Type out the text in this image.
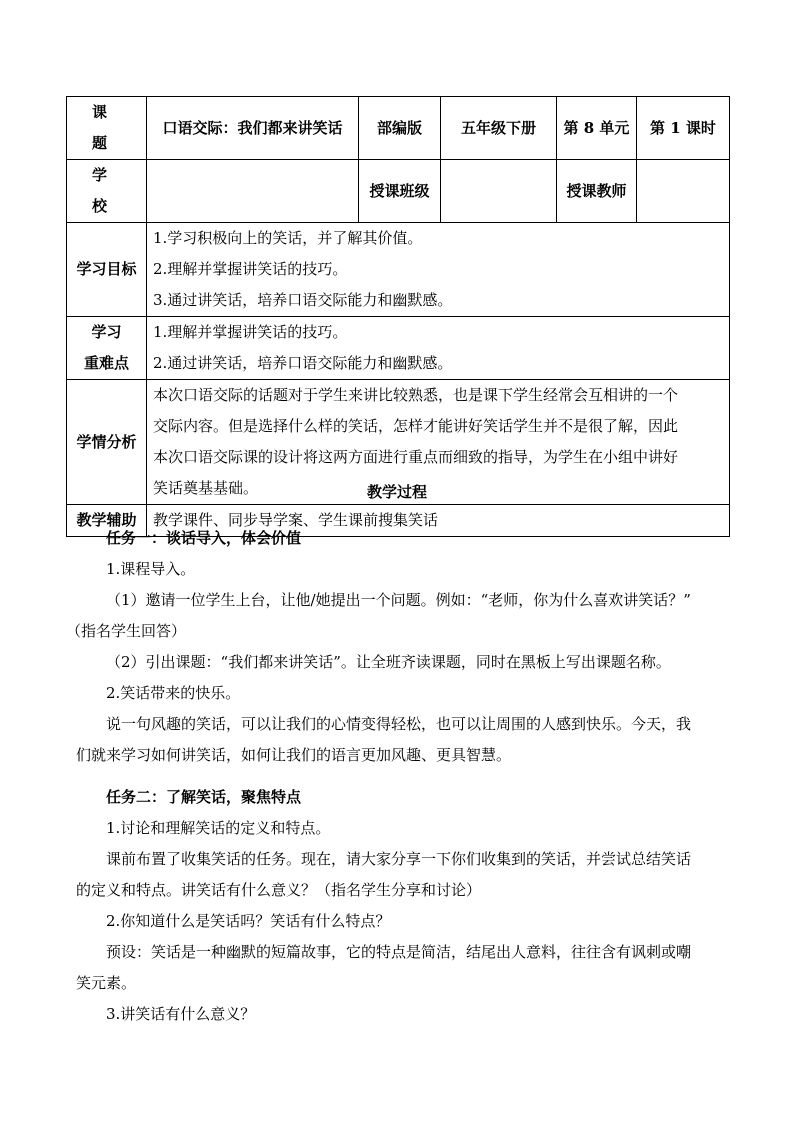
课 题	口语交际：我们都来讲笑话	部编版	五年级下册	第 8 单元	第 1 课时
学 校		授课班级		授课教师	
学习目标	1.学习积极向上的笑话，并了解其价值。
2.理解并掌握讲笑话的技巧。
3.通过讲笑话，培养口语交际能力和幽默感。				

学习
重难点	1.理解并掌握讲笑话的技巧。
2.通过讲笑话，培养口语交际能力和幽默感。				

学情分析	本次口语交际的话题对于学生来讲比较熟悉，也是课下学生经常会互相讲的一个
交际内容。但是选择什么样的笑话，怎样才能讲好笑话学生并不是很了解，因此
本次口语交际课的设计将这两方面进行重点而细致的指导，为学生在小组中讲好
笑话奠基基础。				

教学辅助	教学课件、同步导学案、学生课前搜集笑话				
教学过程

任务一：谈话导入，体会价值

1.课程导入。

（1）邀请一位学生上台，让他/她提出一个问题。例如：“老师，你为什么喜欢讲笑话？”

（指名学生回答）

（2）引出课题：“我们都来讲笑话”。让全班齐读课题，同时在黑板上写出课题名称。

2.笑话带来的快乐。

说一句风趣的笑话，可以让我们的心情变得轻松，也可以让周围的人感到快乐。今天，我

们就来学习如何讲笑话，如何让我们的语言更加风趣、更具智慧。

任务二：了解笑话，聚焦特点

1.讨论和理解笑话的定义和特点。

课前布置了收集笑话的任务。现在，请大家分享一下你们收集到的笑话，并尝试总结笑话

的定义和特点。讲笑话有什么意义？（指名学生分享和讨论）

2.你知道什么是笑话吗？笑话有什么特点？

预设：笑话是一种幽默的短篇故事，它的特点是简洁，结尾出人意料，往往含有讽刺或嘲

笑元素。

3.讲笑话有什么意义？
